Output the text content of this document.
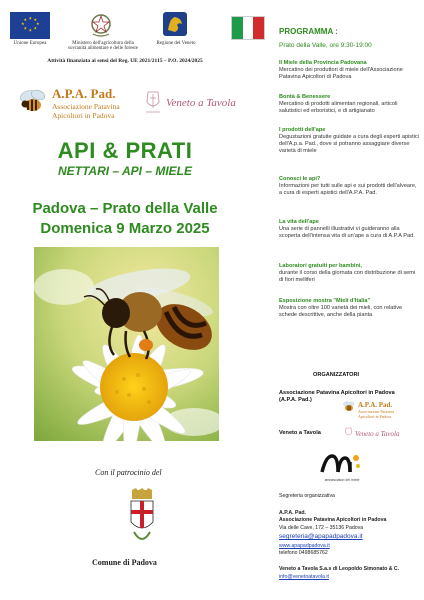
★ ★
★
★
★
★
★
★
Unione Europea	Ministero dell'agricoltura della
sovranità alimentare e delle foreste
Regione del Veneto
Attività finanziata ai sensi del Reg. UE 2021/2115 – P.O. 2024/2025
A.P.A. Pad.
Associazione Patavina
Apicoltori in Padova
Veneto a Tavola
API & PRATI
NETTARI – API – MIELE
Padova – Prato della Valle
Domenica 9 Marzo 2025
Con il patrocinio del
Comune di Padova
PROGRAMMA :
Prato della Valle, ore 9:30-19:00
Il Miele della Provincia Padovana
Mercatino dei produttori di miele dell'Associazione Patavina Apicoltori di Padova
Bontà & Benessere
Mercatino di prodotti alimentari regionali, articoli salutistici ed erboristici, e di artigianato
I prodotti dell'ape
Degustazioni gratuite guidate a cura degli esperti apistici dell'A.p.a. Pad., dove si potranno assaggiare diverse varietà di miele
Conosci le api?
Informazioni per tutti sulle api e sui prodotti dell'alveare, a cura di esperti apistici dell'A.P.A. Pad.
La vita dell'ape
Una serie di pannelli illustrativi vi guideranno alla scoperta dell'intensa vita di un'ape a cura di A.P.A Pad.
Laboratori gratuiti per bambini,
durante il corso della giornata con distribuzione di semi di fiori melliferi
Esposizione mostra "Mieli d'Italia"
Mostra con oltre 100 varietà dei mieli, con relative schede descrittive, anche della pianta
ORGANIZZATORI
Associazione Patavina Apicoltori in Padova
(A.P.A. Pad.)
A.P.A. Pad.
Associazione Patavina
Apicoltori in Padova
Veneto a Tavola	Veneto a Tavola
ambasciatori del miele
Segreteria organizzativa
A.P.A. Pad.
Associazione Patavina Apicoltori in Padova
Via delle Cave, 172 – 35136 Padova
segreteria@apapadpadova.it
www.apapadpadova.it
telefono 0498685762
Veneto a Tavola S.a.s di Leopoldo Simonato & C.
info@venetoatavola.it
